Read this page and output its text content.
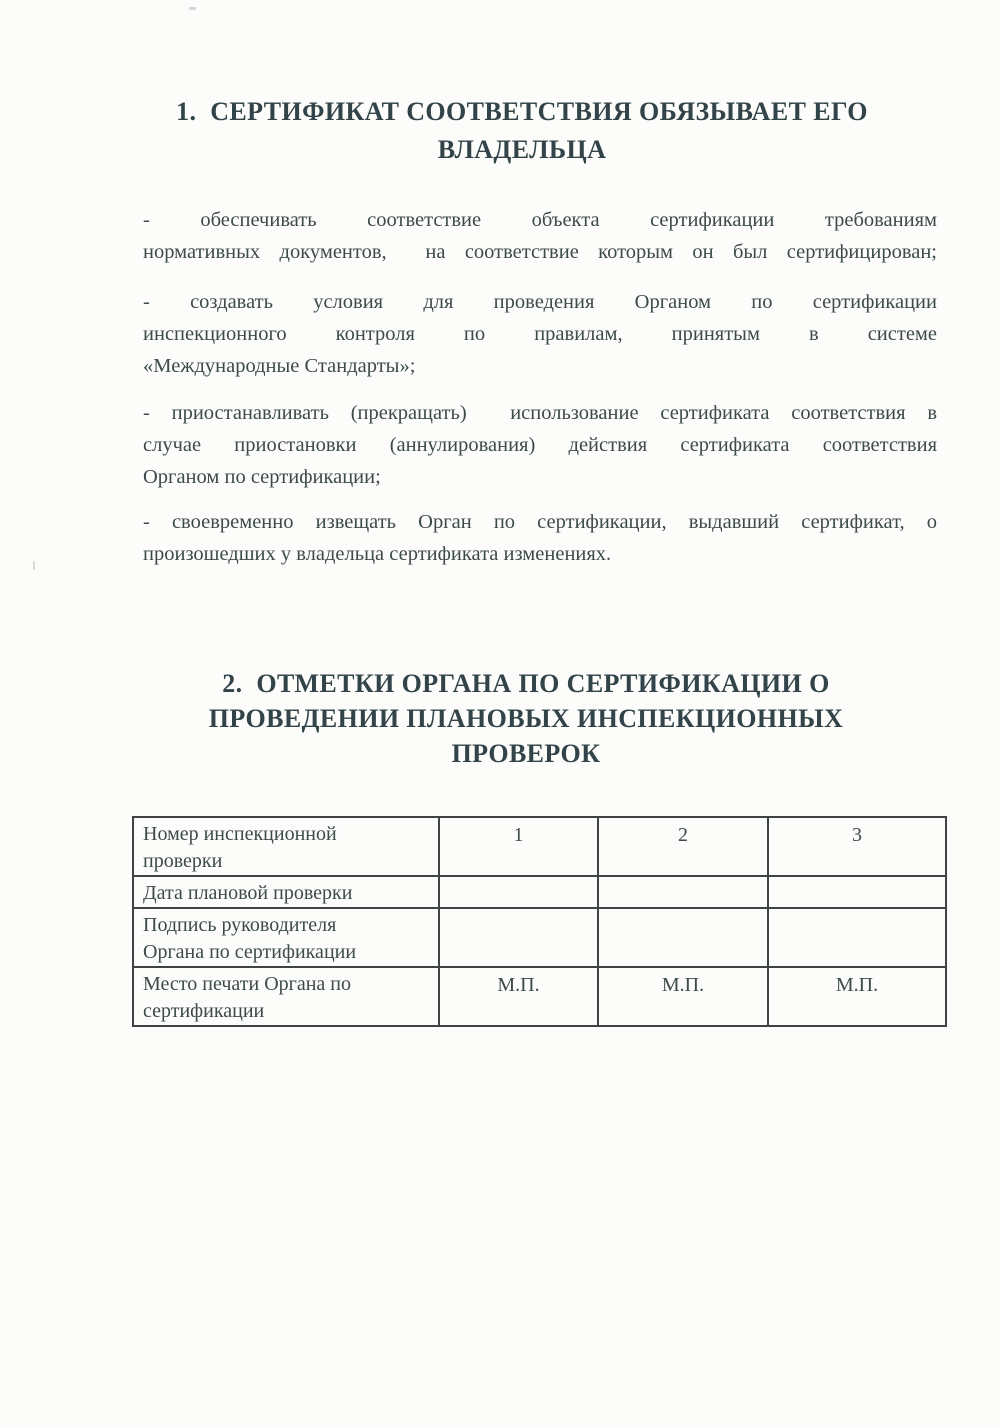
1.  СЕРТИФИКАТ СООТВЕТСТВИЯ ОБЯЗЫВАЕТ ЕГО
ВЛАДЕЛЬЦА
- обеспечивать соответствие объекта сертификации требованиям
нормативных документов,  на соответствие которым он был сертифицирован;
- создавать условия для проведения Органом по сертификации
инспекционного контроля по правилам, принятым в системе
«Международные Стандарты»;
- приостанавливать (прекращать)  использование сертификата соответствия в
случае приостановки (аннулирования) действия сертификата соответствия
Органом по сертификации;
- своевременно извещать Орган по сертификации, выдавший сертификат, о
произошедших у владельца сертификата изменениях.
2.  ОТМЕТКИ ОРГАНА ПО СЕРТИФИКАЦИИ О
ПРОВЕДЕНИИ ПЛАНОВЫХ ИНСПЕКЦИОННЫХ
ПРОВЕРОК
Номер инспекционной
проверки	1	2	3

Дата плановой проверки			

Подпись руководителя
Органа по сертификации			

Место печати Органа по
сертификации	М.П.	М.П.	М.П.
